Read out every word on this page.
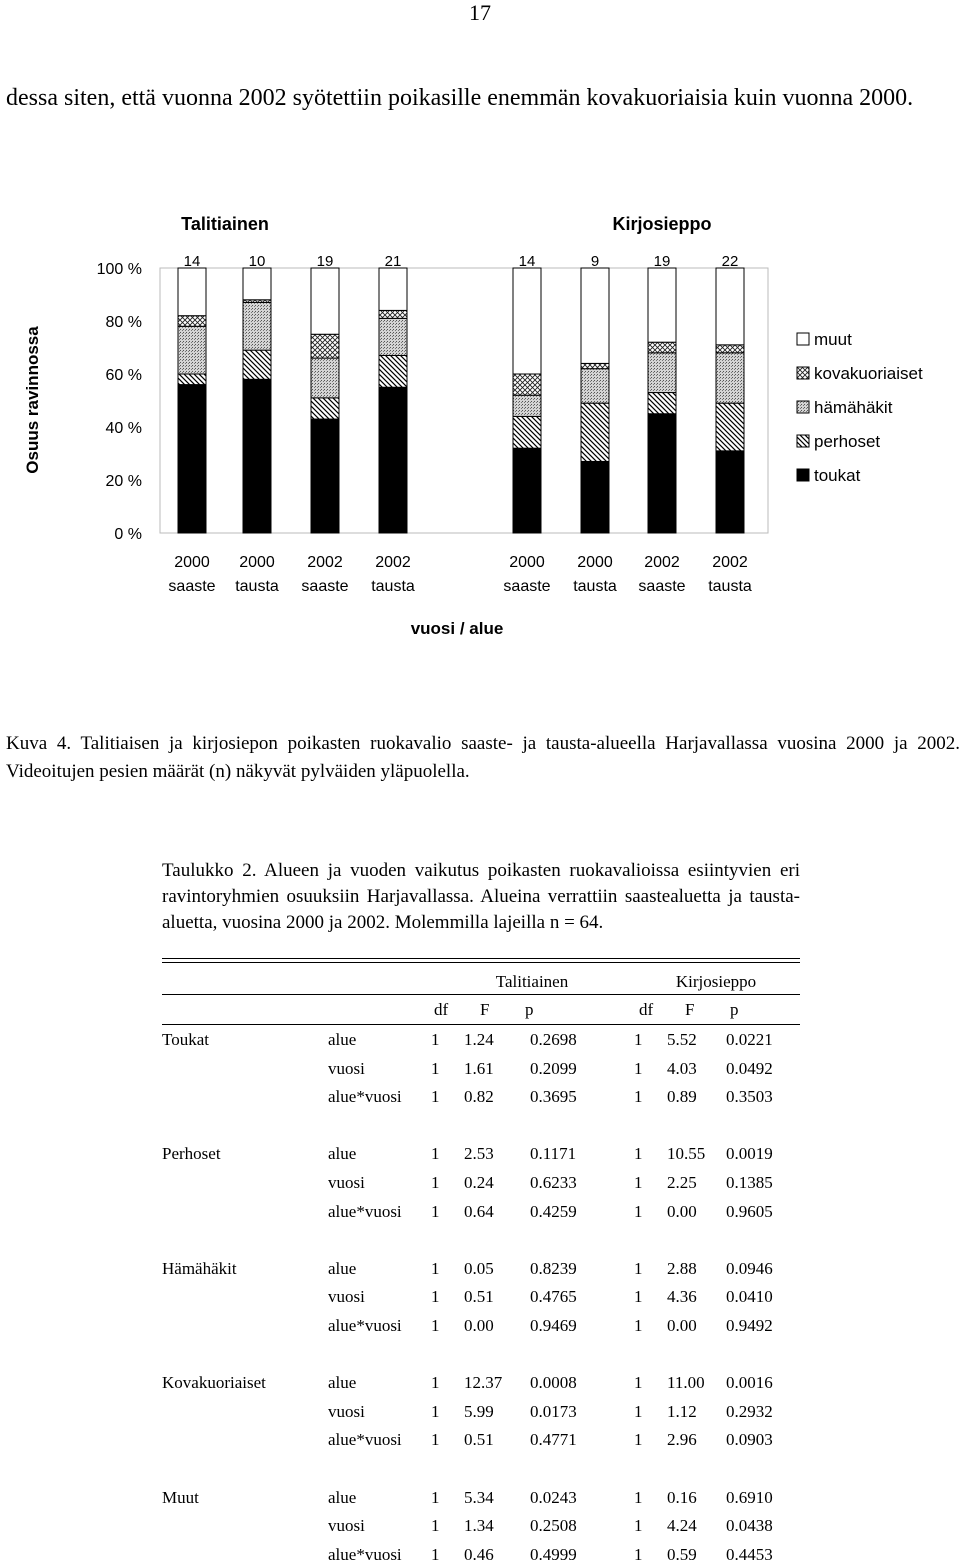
17
dessa siten, että vuonna 2002 syötettiin poikasille enemmän kovakuoriaisia kuin vuonna 2000.
0 %
20 %
40 %
60 %
80 %
100 %
Osuus ravinnossa
Talitiainen
14
2000
saaste
10
2000
tausta
19
2002
saaste
21
2002
tausta
Kirjosieppo
14
2000
saaste
9
2000
tausta
19
2002
saaste
22
2002
tausta
vuosi / alue
muut
kovakuoriaiset
hämähäkit
perhoset
toukat
Kuva 4. Talitiaisen ja kirjosiepon poikasten ruokavalio saaste- ja tausta-alueella Harjavallassa vuosina 2000 ja 2002. Videoitujen pesien määrät (n) näkyvät pylväiden yläpuolella.
Taulukko 2. Alueen ja vuoden vaikutus poikasten ruokavalioissa esiintyvien eri ravintoryhmien osuuksiin Harjavallassa. Alueina verrattiin saastealuetta ja tausta-aluetta, vuosina 2000 ja 2002. Molemmilla lajeilla n = 64.
Talitiainen	Kirjosieppo
df F p	df F p
Toukat	alue	1	1.24	0.2698	1	5.52	0.0221
vuosi	1	1.61	0.2099	1	4.03	0.0492
alue*vuosi 1	0.82	0.3695	1	0.89	0.3503
Perhoset	alue	1	2.53	0.1171	1	10.55	0.0019
vuosi	1	0.24	0.6233	1	2.25	0.1385
alue*vuosi 1	0.64	0.4259	1	0.00	0.9605
Hämähäkit	alue	1	0.05	0.8239	1	2.88	0.0946
vuosi	1	0.51	0.4765	1	4.36	0.0410
alue*vuosi 1	0.00	0.9469	1	0.00	0.9492
Kovakuoriaiset	alue	1	12.37	0.0008	1	11.00	0.0016
vuosi	1	5.99	0.0173	1	1.12	0.2932
alue*vuosi 1	0.51	0.4771	1	2.96	0.0903
Muut	alue	1	5.34	0.0243	1	0.16	0.6910
vuosi	1	1.34	0.2508	1	4.24	0.0438
alue*vuosi 1	0.46	0.4999	1	0.59	0.4453
